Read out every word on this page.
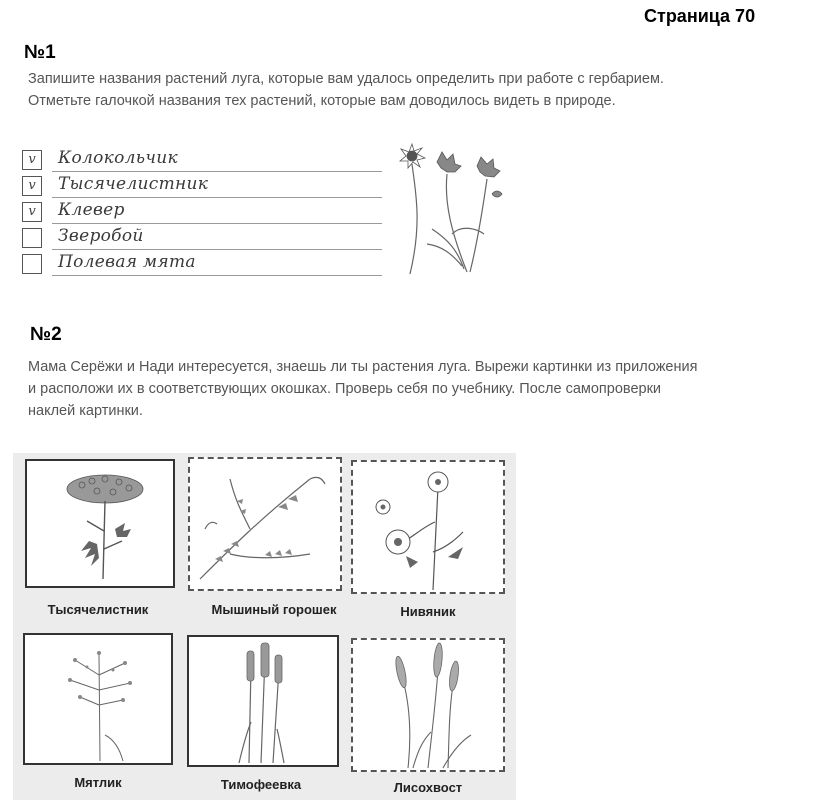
Страница 70
№1
Запишите названия растений луга, которые вам удалось определить при работе с гербарием.
Отметьте галочкой названия тех растений, которые вам доводилось видеть в природе.
v	Колокольчик
v	Тысячелистник
v	Клевер
Зверобой
Полевая мята
№2
Мама Серёжи и Нади интересуется, знаешь ли ты растения луга. Вырежи картинки из приложения
и расположи их в соответствующих окошках. Проверь себя по учебнику. После самопроверки
наклей картинки.
Тысячелистник	Мышиный горошек	Нивяник
Мятлик	Тимофеевка	Лисохвост
